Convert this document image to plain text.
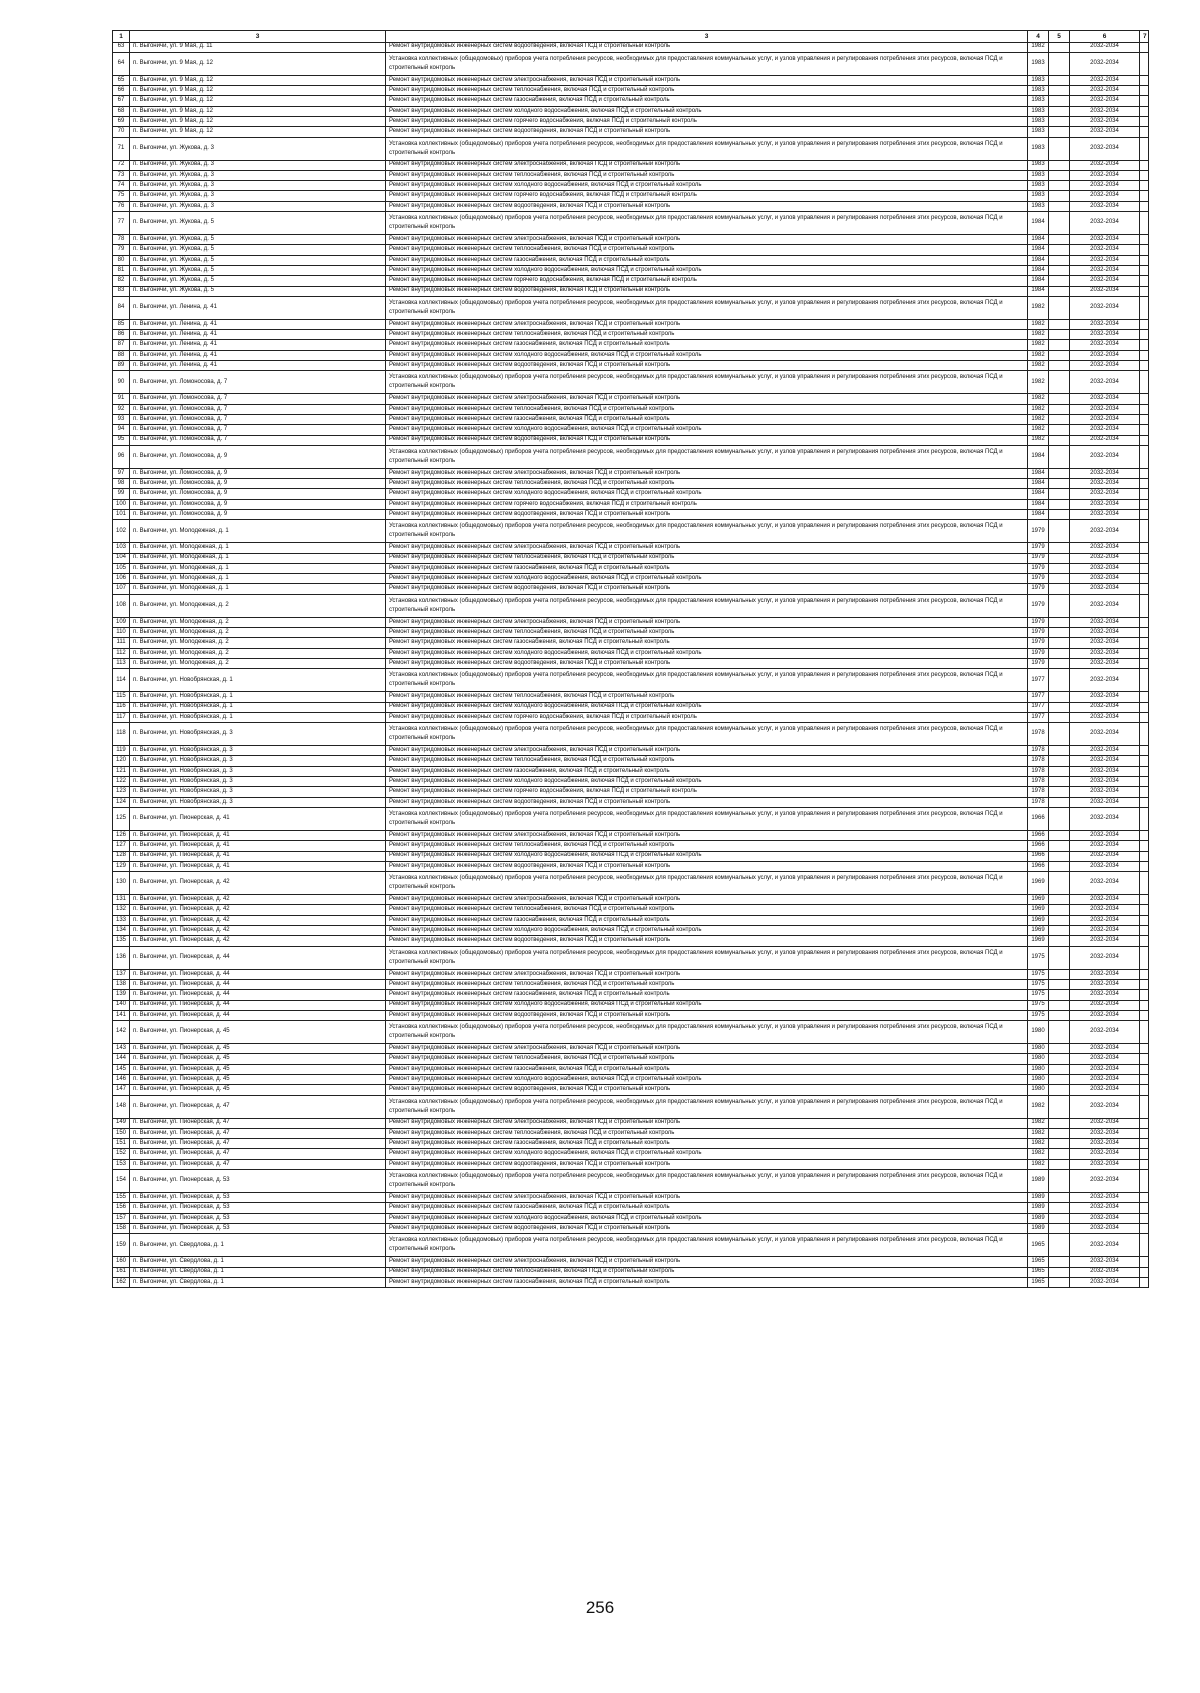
1	3	3	4	5	6	7
63	п. Выгоничи, ул. 9 Мая, д. 11	Ремонт внутридомовых инженерных систем водоотведения, включая ПСД и строительный контроль	1982		2032-2034	
64	п. Выгоничи, ул. 9 Мая, д. 12	Установка коллективных (общедомовых) приборов учета потребления ресурсов, необходимых для предоставления коммунальных услуг, и узлов управления и регулирования потребления этих ресурсов, включая ПСД и строительный контроль	1983		2032-2034	
65	п. Выгоничи, ул. 9 Мая, д. 12	Ремонт внутридомовых инженерных систем электроснабжения, включая ПСД и строительный контроль	1983		2032-2034	
66	п. Выгоничи, ул. 9 Мая, д. 12	Ремонт внутридомовых инженерных систем теплоснабжения, включая ПСД и строительный контроль	1983		2032-2034	
67	п. Выгоничи, ул. 9 Мая, д. 12	Ремонт внутридомовых инженерных систем газоснабжения, включая ПСД и строительный контроль	1983		2032-2034	
68	п. Выгоничи, ул. 9 Мая, д. 12	Ремонт внутридомовых инженерных систем холодного водоснабжения, включая ПСД и строительный контроль	1983		2032-2034	
69	п. Выгоничи, ул. 9 Мая, д. 12	Ремонт внутридомовых инженерных систем горячего водоснабжения, включая ПСД и строительный контроль	1983		2032-2034	
70	п. Выгоничи, ул. 9 Мая, д. 12	Ремонт внутридомовых инженерных систем водоотведения, включая ПСД и строительный контроль	1983		2032-2034	
71	п. Выгоничи, ул. Жукова, д. 3	Установка коллективных (общедомовых) приборов учета потребления ресурсов, необходимых для предоставления коммунальных услуг, и узлов управления и регулирования потребления этих ресурсов, включая ПСД и строительный контроль	1983		2032-2034	
72	п. Выгоничи, ул. Жукова, д. 3	Ремонт внутридомовых инженерных систем электроснабжения, включая ПСД и строительный контроль	1983		2032-2034	
73	п. Выгоничи, ул. Жукова, д. 3	Ремонт внутридомовых инженерных систем теплоснабжения, включая ПСД и строительный контроль	1983		2032-2034	
74	п. Выгоничи, ул. Жукова, д. 3	Ремонт внутридомовых инженерных систем холодного водоснабжения, включая ПСД и строительный контроль	1983		2032-2034	
75	п. Выгоничи, ул. Жукова, д. 3	Ремонт внутридомовых инженерных систем горячего водоснабжения, включая ПСД и строительный контроль	1983		2032-2034	
76	п. Выгоничи, ул. Жукова, д. 3	Ремонт внутридомовых инженерных систем водоотведения, включая ПСД и строительный контроль	1983		2032-2034	
77	п. Выгоничи, ул. Жукова, д. 5	Установка коллективных (общедомовых) приборов учета потребления ресурсов, необходимых для предоставления коммунальных услуг, и узлов управления и регулирования потребления этих ресурсов, включая ПСД и строительный контроль	1984		2032-2034	
78	п. Выгоничи, ул. Жукова, д. 5	Ремонт внутридомовых инженерных систем электроснабжения, включая ПСД и строительный контроль	1984		2032-2034	
79	п. Выгоничи, ул. Жукова, д. 5	Ремонт внутридомовых инженерных систем теплоснабжения, включая ПСД и строительный контроль	1984		2032-2034	
80	п. Выгоничи, ул. Жукова, д. 5	Ремонт внутридомовых инженерных систем газоснабжения, включая ПСД и строительный контроль	1984		2032-2034	
81	п. Выгоничи, ул. Жукова, д. 5	Ремонт внутридомовых инженерных систем холодного водоснабжения, включая ПСД и строительный контроль	1984		2032-2034	
82	п. Выгоничи, ул. Жукова, д. 5	Ремонт внутридомовых инженерных систем горячего водоснабжения, включая ПСД и строительный контроль	1984		2032-2034	
83	п. Выгоничи, ул. Жукова, д. 5	Ремонт внутридомовых инженерных систем водоотведения, включая ПСД и строительный контроль	1984		2032-2034	
84	п. Выгоничи, ул. Ленина, д. 41	Установка коллективных (общедомовых) приборов учета потребления ресурсов, необходимых для предоставления коммунальных услуг, и узлов управления и регулирования потребления этих ресурсов, включая ПСД и строительный контроль	1982		2032-2034	
85	п. Выгоничи, ул. Ленина, д. 41	Ремонт внутридомовых инженерных систем электроснабжения, включая ПСД и строительный контроль	1982		2032-2034	
86	п. Выгоничи, ул. Ленина, д. 41	Ремонт внутридомовых инженерных систем теплоснабжения, включая ПСД и строительный контроль	1982		2032-2034	
87	п. Выгоничи, ул. Ленина, д. 41	Ремонт внутридомовых инженерных систем газоснабжения, включая ПСД и строительный контроль	1982		2032-2034	
88	п. Выгоничи, ул. Ленина, д. 41	Ремонт внутридомовых инженерных систем холодного водоснабжения, включая ПСД и строительный контроль	1982		2032-2034	
89	п. Выгоничи, ул. Ленина, д. 41	Ремонт внутридомовых инженерных систем водоотведения, включая ПСД и строительный контроль	1982		2032-2034	
90	п. Выгоничи, ул. Ломоносова, д. 7	Установка коллективных (общедомовых) приборов учета потребления ресурсов, необходимых для предоставления коммунальных услуг, и узлов управления и регулирования потребления этих ресурсов, включая ПСД и строительный контроль	1982		2032-2034	
91	п. Выгоничи, ул. Ломоносова, д. 7	Ремонт внутридомовых инженерных систем электроснабжения, включая ПСД и строительный контроль	1982		2032-2034	
92	п. Выгоничи, ул. Ломоносова, д. 7	Ремонт внутридомовых инженерных систем теплоснабжения, включая ПСД и строительный контроль	1982		2032-2034	
93	п. Выгоничи, ул. Ломоносова, д. 7	Ремонт внутридомовых инженерных систем газоснабжения, включая ПСД и строительный контроль	1982		2032-2034	
94	п. Выгоничи, ул. Ломоносова, д. 7	Ремонт внутридомовых инженерных систем холодного водоснабжения, включая ПСД и строительный контроль	1982		2032-2034	
95	п. Выгоничи, ул. Ломоносова, д. 7	Ремонт внутридомовых инженерных систем водоотведения, включая ПСД и строительный контроль	1982		2032-2034	
96	п. Выгоничи, ул. Ломоносова, д. 9	Установка коллективных (общедомовых) приборов учета потребления ресурсов, необходимых для предоставления коммунальных услуг, и узлов управления и регулирования потребления этих ресурсов, включая ПСД и строительный контроль	1984		2032-2034	
97	п. Выгоничи, ул. Ломоносова, д. 9	Ремонт внутридомовых инженерных систем электроснабжения, включая ПСД и строительный контроль	1984		2032-2034	
98	п. Выгоничи, ул. Ломоносова, д. 9	Ремонт внутридомовых инженерных систем теплоснабжения, включая ПСД и строительный контроль	1984		2032-2034	
99	п. Выгоничи, ул. Ломоносова, д. 9	Ремонт внутридомовых инженерных систем холодного водоснабжения, включая ПСД и строительный контроль	1984		2032-2034	
100	п. Выгоничи, ул. Ломоносова, д. 9	Ремонт внутридомовых инженерных систем горячего водоснабжения, включая ПСД и строительный контроль	1984		2032-2034	
101	п. Выгоничи, ул. Ломоносова, д. 9	Ремонт внутридомовых инженерных систем водоотведения, включая ПСД и строительный контроль	1984		2032-2034	
102	п. Выгоничи, ул. Молодежная, д. 1	Установка коллективных (общедомовых) приборов учета потребления ресурсов, необходимых для предоставления коммунальных услуг, и узлов управления и регулирования потребления этих ресурсов, включая ПСД и строительный контроль	1979		2032-2034	
103	п. Выгоничи, ул. Молодежная, д. 1	Ремонт внутридомовых инженерных систем электроснабжения, включая ПСД и строительный контроль	1979		2032-2034	
104	п. Выгоничи, ул. Молодежная, д. 1	Ремонт внутридомовых инженерных систем теплоснабжения, включая ПСД и строительный контроль	1979		2032-2034	
105	п. Выгоничи, ул. Молодежная, д. 1	Ремонт внутридомовых инженерных систем газоснабжения, включая ПСД и строительный контроль	1979		2032-2034	
106	п. Выгоничи, ул. Молодежная, д. 1	Ремонт внутридомовых инженерных систем холодного водоснабжения, включая ПСД и строительный контроль	1979		2032-2034	
107	п. Выгоничи, ул. Молодежная, д. 1	Ремонт внутридомовых инженерных систем водоотведения, включая ПСД и строительный контроль	1979		2032-2034	
108	п. Выгоничи, ул. Молодежная, д. 2	Установка коллективных (общедомовых) приборов учета потребления ресурсов, необходимых для предоставления коммунальных услуг, и узлов управления и регулирования потребления этих ресурсов, включая ПСД и строительный контроль	1979		2032-2034	
109	п. Выгоничи, ул. Молодежная, д. 2	Ремонт внутридомовых инженерных систем электроснабжения, включая ПСД и строительный контроль	1979		2032-2034	
110	п. Выгоничи, ул. Молодежная, д. 2	Ремонт внутридомовых инженерных систем теплоснабжения, включая ПСД и строительный контроль	1979		2032-2034	
111	п. Выгоничи, ул. Молодежная, д. 2	Ремонт внутридомовых инженерных систем газоснабжения, включая ПСД и строительный контроль	1979		2032-2034	
112	п. Выгоничи, ул. Молодежная, д. 2	Ремонт внутридомовых инженерных систем холодного водоснабжения, включая ПСД и строительный контроль	1979		2032-2034	
113	п. Выгоничи, ул. Молодежная, д. 2	Ремонт внутридомовых инженерных систем водоотведения, включая ПСД и строительный контроль	1979		2032-2034	
114	п. Выгоничи, ул. Новобрянская, д. 1	Установка коллективных (общедомовых) приборов учета потребления ресурсов, необходимых для предоставления коммунальных услуг, и узлов управления и регулирования потребления этих ресурсов, включая ПСД и строительный контроль	1977		2032-2034	
115	п. Выгоничи, ул. Новобрянская, д. 1	Ремонт внутридомовых инженерных систем теплоснабжения, включая ПСД и строительный контроль	1977		2032-2034	
116	п. Выгоничи, ул. Новобрянская, д. 1	Ремонт внутридомовых инженерных систем холодного водоснабжения, включая ПСД и строительный контроль	1977		2032-2034	
117	п. Выгоничи, ул. Новобрянская, д. 1	Ремонт внутридомовых инженерных систем горячего водоснабжения, включая ПСД и строительный контроль	1977		2032-2034	
118	п. Выгоничи, ул. Новобрянская, д. 3	Установка коллективных (общедомовых) приборов учета потребления ресурсов, необходимых для предоставления коммунальных услуг, и узлов управления и регулирования потребления этих ресурсов, включая ПСД и строительный контроль	1978		2032-2034	
119	п. Выгоничи, ул. Новобрянская, д. 3	Ремонт внутридомовых инженерных систем электроснабжения, включая ПСД и строительный контроль	1978		2032-2034	
120	п. Выгоничи, ул. Новобрянская, д. 3	Ремонт внутридомовых инженерных систем теплоснабжения, включая ПСД и строительный контроль	1978		2032-2034	
121	п. Выгоничи, ул. Новобрянская, д. 3	Ремонт внутридомовых инженерных систем газоснабжения, включая ПСД и строительный контроль	1978		2032-2034	
122	п. Выгоничи, ул. Новобрянская, д. 3	Ремонт внутридомовых инженерных систем холодного водоснабжения, включая ПСД и строительный контроль	1978		2032-2034	
123	п. Выгоничи, ул. Новобрянская, д. 3	Ремонт внутридомовых инженерных систем горячего водоснабжения, включая ПСД и строительный контроль	1978		2032-2034	
124	п. Выгоничи, ул. Новобрянская, д. 3	Ремонт внутридомовых инженерных систем водоотведения, включая ПСД и строительный контроль	1978		2032-2034	
125	п. Выгоничи, ул. Пионерская, д. 41	Установка коллективных (общедомовых) приборов учета потребления ресурсов, необходимых для предоставления коммунальных услуг, и узлов управления и регулирования потребления этих ресурсов, включая ПСД и строительный контроль	1966		2032-2034	
126	п. Выгоничи, ул. Пионерская, д. 41	Ремонт внутридомовых инженерных систем электроснабжения, включая ПСД и строительный контроль	1966		2032-2034	
127	п. Выгоничи, ул. Пионерская, д. 41	Ремонт внутридомовых инженерных систем теплоснабжения, включая ПСД и строительный контроль	1966		2032-2034	
128	п. Выгоничи, ул. Пионерская, д. 41	Ремонт внутридомовых инженерных систем холодного водоснабжения, включая ПСД и строительный контроль	1966		2032-2034	
129	п. Выгоничи, ул. Пионерская, д. 41	Ремонт внутридомовых инженерных систем водоотведения, включая ПСД и строительный контроль	1966		2032-2034	
130	п. Выгоничи, ул. Пионерская, д. 42	Установка коллективных (общедомовых) приборов учета потребления ресурсов, необходимых для предоставления коммунальных услуг, и узлов управления и регулирования потребления этих ресурсов, включая ПСД и строительный контроль	1969		2032-2034	
131	п. Выгоничи, ул. Пионерская, д. 42	Ремонт внутридомовых инженерных систем электроснабжения, включая ПСД и строительный контроль	1969		2032-2034	
132	п. Выгоничи, ул. Пионерская, д. 42	Ремонт внутридомовых инженерных систем теплоснабжения, включая ПСД и строительный контроль	1969		2032-2034	
133	п. Выгоничи, ул. Пионерская, д. 42	Ремонт внутридомовых инженерных систем газоснабжения, включая ПСД и строительный контроль	1969		2032-2034	
134	п. Выгоничи, ул. Пионерская, д. 42	Ремонт внутридомовых инженерных систем холодного водоснабжения, включая ПСД и строительный контроль	1969		2032-2034	
135	п. Выгоничи, ул. Пионерская, д. 42	Ремонт внутридомовых инженерных систем водоотведения, включая ПСД и строительный контроль	1969		2032-2034	
136	п. Выгоничи, ул. Пионерская, д. 44	Установка коллективных (общедомовых) приборов учета потребления ресурсов, необходимых для предоставления коммунальных услуг, и узлов управления и регулирования потребления этих ресурсов, включая ПСД и строительный контроль	1975		2032-2034	
137	п. Выгоничи, ул. Пионерская, д. 44	Ремонт внутридомовых инженерных систем электроснабжения, включая ПСД и строительный контроль	1975		2032-2034	
138	п. Выгоничи, ул. Пионерская, д. 44	Ремонт внутридомовых инженерных систем теплоснабжения, включая ПСД и строительный контроль	1975		2032-2034	
139	п. Выгоничи, ул. Пионерская, д. 44	Ремонт внутридомовых инженерных систем газоснабжения, включая ПСД и строительный контроль	1975		2032-2034	
140	п. Выгоничи, ул. Пионерская, д. 44	Ремонт внутридомовых инженерных систем холодного водоснабжения, включая ПСД и строительный контроль	1975		2032-2034	
141	п. Выгоничи, ул. Пионерская, д. 44	Ремонт внутридомовых инженерных систем водоотведения, включая ПСД и строительный контроль	1975		2032-2034	
142	п. Выгоничи, ул. Пионерская, д. 45	Установка коллективных (общедомовых) приборов учета потребления ресурсов, необходимых для предоставления коммунальных услуг, и узлов управления и регулирования потребления этих ресурсов, включая ПСД и строительный контроль	1980		2032-2034	
143	п. Выгоничи, ул. Пионерская, д. 45	Ремонт внутридомовых инженерных систем электроснабжения, включая ПСД и строительный контроль	1980		2032-2034	
144	п. Выгоничи, ул. Пионерская, д. 45	Ремонт внутридомовых инженерных систем теплоснабжения, включая ПСД и строительный контроль	1980		2032-2034	
145	п. Выгоничи, ул. Пионерская, д. 45	Ремонт внутридомовых инженерных систем газоснабжения, включая ПСД и строительный контроль	1980		2032-2034	
146	п. Выгоничи, ул. Пионерская, д. 45	Ремонт внутридомовых инженерных систем холодного водоснабжения, включая ПСД и строительный контроль	1980		2032-2034	
147	п. Выгоничи, ул. Пионерская, д. 45	Ремонт внутридомовых инженерных систем водоотведения, включая ПСД и строительный контроль	1980		2032-2034	
148	п. Выгоничи, ул. Пионерская, д. 47	Установка коллективных (общедомовых) приборов учета потребления ресурсов, необходимых для предоставления коммунальных услуг, и узлов управления и регулирования потребления этих ресурсов, включая ПСД и строительный контроль	1982		2032-2034	
149	п. Выгоничи, ул. Пионерская, д. 47	Ремонт внутридомовых инженерных систем электроснабжения, включая ПСД и строительный контроль	1982		2032-2034	
150	п. Выгоничи, ул. Пионерская, д. 47	Ремонт внутридомовых инженерных систем теплоснабжения, включая ПСД и строительный контроль	1982		2032-2034	
151	п. Выгоничи, ул. Пионерская, д. 47	Ремонт внутридомовых инженерных систем газоснабжения, включая ПСД и строительный контроль	1982		2032-2034	
152	п. Выгоничи, ул. Пионерская, д. 47	Ремонт внутридомовых инженерных систем холодного водоснабжения, включая ПСД и строительный контроль	1982		2032-2034	
153	п. Выгоничи, ул. Пионерская, д. 47	Ремонт внутридомовых инженерных систем водоотведения, включая ПСД и строительный контроль	1982		2032-2034	
154	п. Выгоничи, ул. Пионерская, д. 53	Установка коллективных (общедомовых) приборов учета потребления ресурсов, необходимых для предоставления коммунальных услуг, и узлов управления и регулирования потребления этих ресурсов, включая ПСД и строительный контроль	1989		2032-2034	
155	п. Выгоничи, ул. Пионерская, д. 53	Ремонт внутридомовых инженерных систем электроснабжения, включая ПСД и строительный контроль	1989		2032-2034	
156	п. Выгоничи, ул. Пионерская, д. 53	Ремонт внутридомовых инженерных систем газоснабжения, включая ПСД и строительный контроль	1989		2032-2034	
157	п. Выгоничи, ул. Пионерская, д. 53	Ремонт внутридомовых инженерных систем холодного водоснабжения, включая ПСД и строительный контроль	1989		2032-2034	
158	п. Выгоничи, ул. Пионерская, д. 53	Ремонт внутридомовых инженерных систем водоотведения, включая ПСД и строительный контроль	1989		2032-2034	
159	п. Выгоничи, ул. Свердлова, д. 1	Установка коллективных (общедомовых) приборов учета потребления ресурсов, необходимых для предоставления коммунальных услуг, и узлов управления и регулирования потребления этих ресурсов, включая ПСД и строительный контроль	1965		2032-2034	
160	п. Выгоничи, ул. Свердлова, д. 1	Ремонт внутридомовых инженерных систем электроснабжения, включая ПСД и строительный контроль	1965		2032-2034	
161	п. Выгоничи, ул. Свердлова, д. 1	Ремонт внутридомовых инженерных систем теплоснабжения, включая ПСД и строительный контроль	1965		2032-2034	
162	п. Выгоничи, ул. Свердлова, д. 1	Ремонт внутридомовых инженерных систем газоснабжения, включая ПСД и строительный контроль	1965		2032-2034	
256
